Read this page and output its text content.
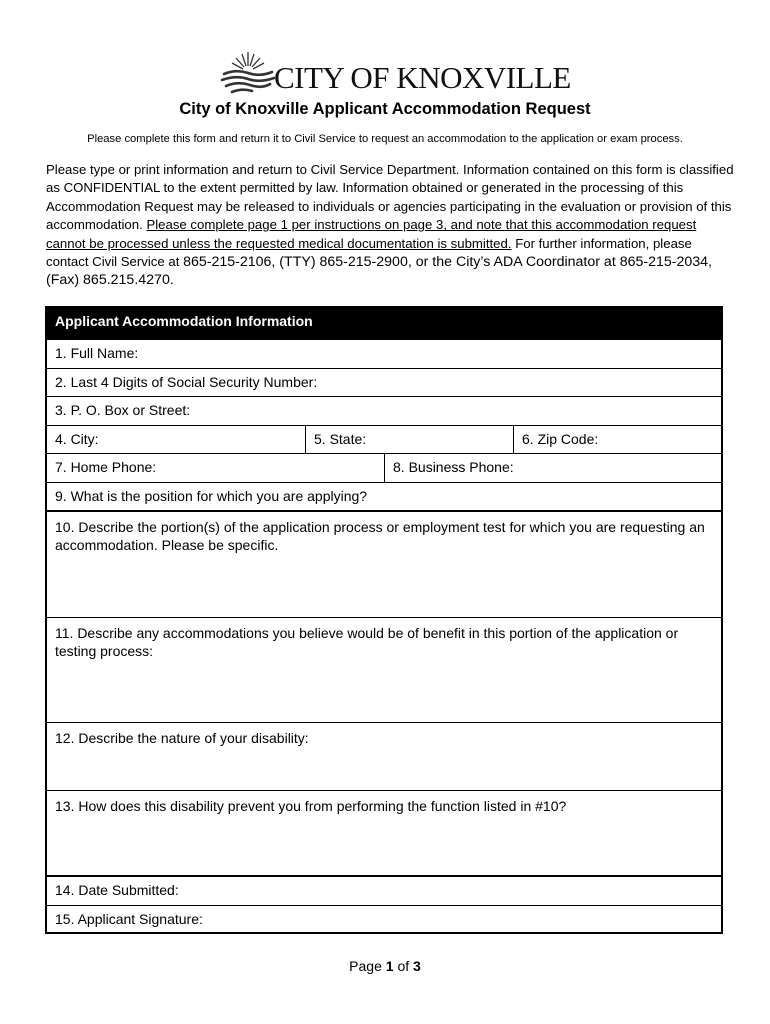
CITY OF KNOXVILLE
City of Knoxville Applicant Accommodation Request
Please complete this form and return it to Civil Service to request an accommodation to the application or exam process.
Please type or print information and return to Civil Service Department. Information contained on this form is classified as CONFIDENTIAL to the extent permitted by law. Information obtained or generated in the processing of this Accommodation Request may be released to individuals or agencies participating in the evaluation or provision of this accommodation. Please complete page 1 per instructions on page 3, and note that this accommodation request cannot be processed unless the requested medical documentation is submitted. For further information, please contact Civil Service at 865-215-2106, (TTY) 865-215-2900, or the City’s ADA Coordinator at 865-215-2034, (Fax) 865.215.4270.
Applicant Accommodation Information
1. Full Name:
2. Last 4 Digits of Social Security Number:
3. P. O. Box or Street:
4. City:	5. State:	6. Zip Code:
7. Home Phone:	8. Business Phone:
9. What is the position for which you are applying?
10. Describe the portion(s) of the application process or employment test for which you are requesting an accommodation. Please be specific.
11. Describe any accommodations you believe would be of benefit in this portion of the application or testing process:
12. Describe the nature of your disability:
13. How does this disability prevent you from performing the function listed in #10?
14. Date Submitted:
15. Applicant Signature:
Page 1 of 3
